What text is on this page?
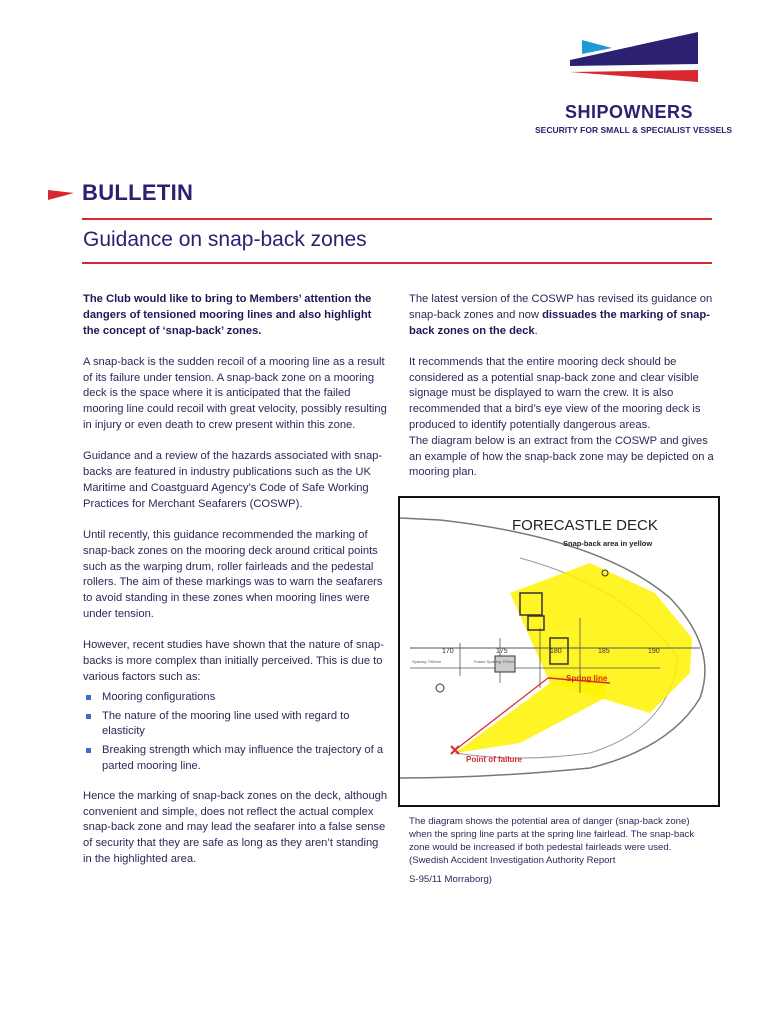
SHIPOWNERS
SECURITY FOR SMALL & SPECIALIST VESSELS
BULLETIN
Guidance on snap-back zones

The Club would like to bring to Members’ attention the dangers of tensioned mooring lines and also highlight the concept of ‘snap-back’ zones.

A snap-back is the sudden recoil of a mooring line as a result of its failure under tension. A snap-back zone on a mooring deck is the space where it is anticipated that the failed mooring line could recoil with great velocity, possibly resulting in injury or even death to crew present within this zone.

Guidance and a review of the hazards associated with snap-backs are featured in industry publications such as the UK Maritime and Coastguard Agency’s Code of Safe Working Practices for Merchant Seafarers (COSWP).

Until recently, this guidance recommended the marking of snap-back zones on the mooring deck around critical points such as the warping drum, roller fairleads and the pedestal rollers. The aim of these markings was to warn the seafarers to avoid standing in these zones when mooring lines were under tension.

However, recent studies have shown that the nature of snap-backs is more complex than initially perceived. This is due to various factors such as:

Mooring configurations
The nature of the mooring line used with regard to elasticity
Breaking strength which may influence the trajectory of a parted mooring line.

Hence the marking of snap-back zones on the deck, although convenient and simple, does not reflect the actual complex snap-back zone and may lead the seafarer into a false sense of security that they are safe as long as they aren’t standing in the highlighted area.

The latest version of the COSWP has revised its guidance on snap-back zones and now dissuades the marking of snap-back zones on the deck.

It recommends that the entire mooring deck should be considered as a potential snap-back zone and clear visible signage must be displayed to warn the crew. It is also recommended that a bird’s eye view of the mooring deck is produced to identify potentially dangerous areas.

The diagram below is an extract from the COSWP and gives an example of how the snap-back zone may be depicted on a mooring plan.

FORECASTLE DECK
Snap-back area in yellow
170	175	180	185	190
Spacing 700mm	Frame Spacing 700mm
Spring line
Point of failure
The diagram shows the potential area of danger (snap-back zone) when the spring line parts at the spring line fairlead. The snap-back zone would be increased if both pedestal fairleads were used. (Swedish Accident Investigation Authority Report
S-95/11 Morraborg)
